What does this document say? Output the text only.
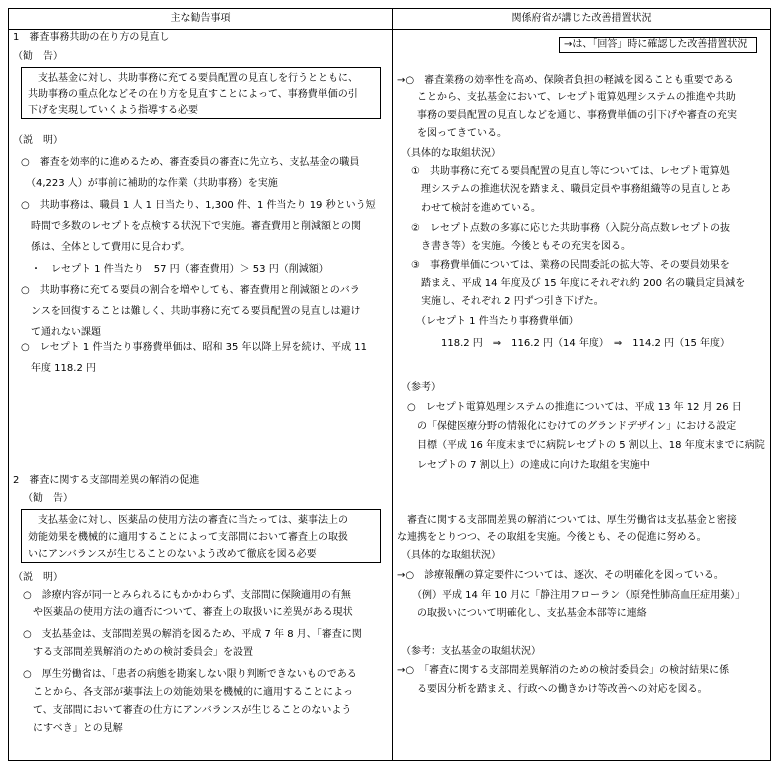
主な勧告事項	関係府省が講じた改善措置状況
1　審査事務共助の在り方の見直し
（勧　告）
　支払基金に対し、共助事務に充てる要員配置の見直しを行うとともに、
共助事務の重点化などその在り方を見直すことによって、事務費単価の引
下げを実現していくよう指導する必要
（説　明）
○　審査を効率的に進めるため、審査委員の審査に先立ち、支払基金の職員
　（4,223 人）が事前に補助的な作業（共助事務）を実施
○　共助事務は、職員 1 人 1 日当たり、1,300 件、1 件当たり 19 秒という短
　時間で多数のレセプトを点検する状況下で実施。審査費用と削減額との関
　係は、全体として費用に見合わず。
　・　レセプト 1 件当たり　57 円（審査費用）＞ 53 円（削減額）
○　共助事務に充てる要員の割合を増やしても、審査費用と削減額とのバラ
　ンスを回復することは難しく、共助事務に充てる要員配置の見直しは避け
　て通れない課題
○　レセプト 1 件当たり事務費単価は、昭和 35 年以降上昇を続け、平成 11
　年度 118.2 円
2　審査に関する支部間差異の解消の促進
（勧　告）
　支払基金に対し、医薬品の使用方法の審査に当たっては、薬事法上の
効能効果を機械的に適用することによって支部間において審査上の取扱
いにアンバランスが生じることのないよう改めて徹底を図る必要
（説　明）
　○　診療内容が同一とみられるにもかかわらず、支部間に保険適用の有無
　　や医薬品の使用方法の適否について、審査上の取扱いに差異がある現状
　○　支払基金は、支部間差異の解消を図るため、平成 7 年 8 月、「審査に関
　　する支部間差異解消のための検討委員会」を設置
　○　厚生労働省は、「患者の病態を勘案しない限り判断できないものである
　　ことから、各支部が薬事法上の効能効果を機械的に適用することによっ
　　て、支部間において審査の仕方にアンバランスが生じることのないよう
　　にすべき」との見解
→は、「回答」時に確認した改善措置状況
→○　審査業務の効率性を高め、保険者負担の軽減を図ることも重要である
　　ことから、支払基金において、レセプト電算処理システムの推進や共助
　　事務の要員配置の見直しなどを通じ、事務費単価の引下げや審査の充実
　　を図ってきている。
（具体的な取組状況）
　①　共助事務に充てる要員配置の見直し等については、レセプト電算処
　　理システムの推進状況を踏まえ、職員定員や事務組織等の見直しとあ
　　わせて検討を進めている。
　②　レセプト点数の多寡に応じた共助事務（入院分高点数レセプトの抜
　　き書き等）を実施。今後ともその充実を図る。
　③　事務費単価については、業務の民間委託の拡大等、その要員効果を
　　踏まえ、平成 14 年度及び 15 年度にそれぞれ約 200 名の職員定員減を
　　実施し、それぞれ 2 円ずつ引き下げた。
　　（レセプト 1 件当たり事務費単価）
　　　　118.2 円　⇒　116.2 円（14 年度）　⇒　114.2 円（15 年度）
（参考）
　○　レセプト電算処理システムの推進については、平成 13 年 12 月 26 日
　　の「保健医療分野の情報化にむけてのグランドデザイン」における設定
　　目標（平成 16 年度末までに病院レセプトの 5 割以上、18 年度末までに病院
　　レセプトの 7 割以上）の達成に向けた取組を実施中
　審査に関する支部間差異の解消については、厚生労働省は支払基金と密接
な連携をとりつつ、その取組を実施。今後とも、その促進に努める。
（具体的な取組状況）
→○　診療報酬の算定要件については、逐次、その明確化を図っている。
　　（例）平成 14 年 10 月に「静注用フローラン（原発性肺高血圧症用薬）」
　　の取扱いについて明確化し、支払基金本部等に連絡
（参考：支払基金の取組状況）
→○　「審査に関する支部間差異解消のための検討委員会」の検討結果に係
　　る要因分析を踏まえ、行政への働きかけ等改善への対応を図る。
